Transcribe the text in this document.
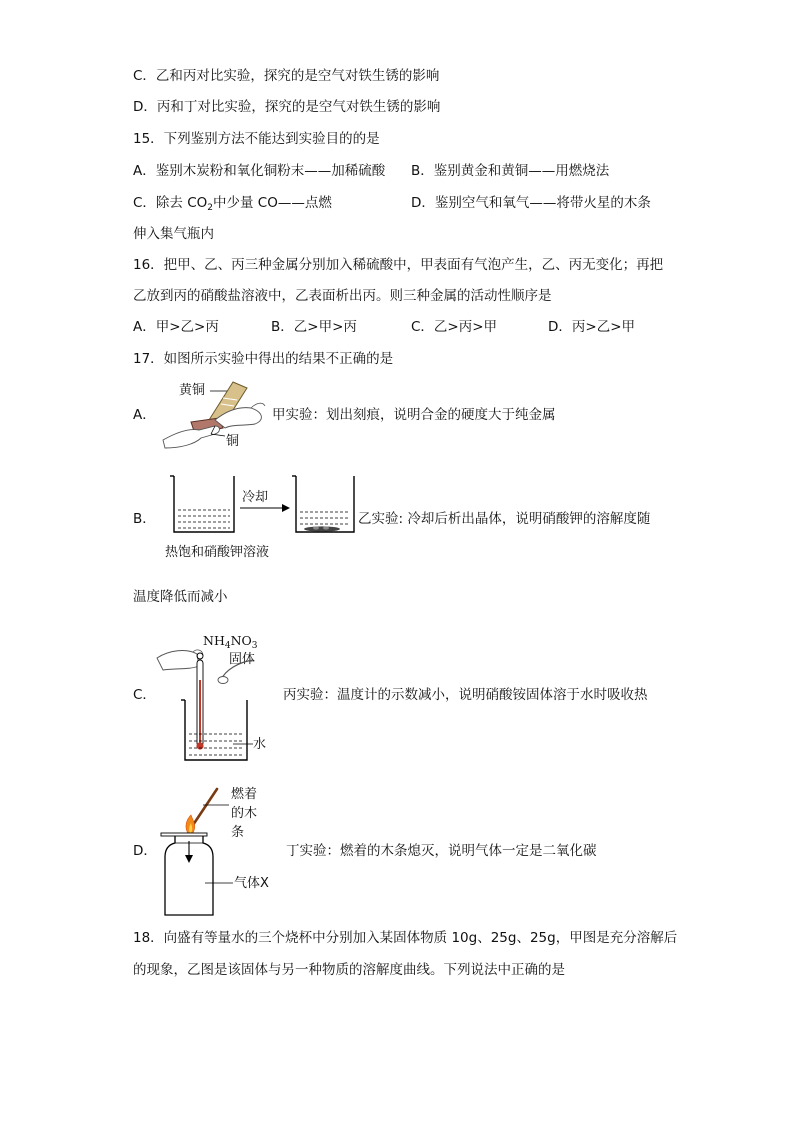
C．乙和丙对比实验，探究的是空气对铁生锈的影响
D．丙和丁对比实验，探究的是空气对铁生锈的影响
15．下列鉴别方法不能达到实验目的的是
A．鉴别木炭粉和氧化铜粉末——加稀硫酸 B．鉴别黄金和黄铜——用燃烧法
C．除去 $CO_2$中少量 CO——点燃	D．鉴别空气和氧气——将带火星的木条
伸入集气瓶内
16．把甲、乙、丙三种金属分别加入稀硫酸中，甲表面有气泡产生，乙、丙无变化；再把
乙放到丙的硝酸盐溶液中，乙表面析出丙。则三种金属的活动性顺序是
A．甲>乙>丙	B．乙>甲>丙	C．乙>丙>甲	D．丙>乙>甲
17．如图所示实验中得出的结果不正确的是
A．
黄铜
铜
甲实验：划出刻痕，说明合金的硬度大于纯金属
B．
冷却
热饱和硝酸钾溶液
乙实验: 冷却后析出晶体，说明硝酸钾的溶解度随
温度降低而减小
C．
$NH_4NO_3$
固体
水
丙实验：温度计的示数减小，说明硝酸铵固体溶于水时吸收热
D．
燃着
的木
条
气体X
丁实验：燃着的木条熄灭，说明气体一定是二氧化碳
18．向盛有等量水的三个烧杯中分别加入某固体物质 10g、25g、25g，甲图是充分溶解后
的现象，乙图是该固体与另一种物质的溶解度曲线。下列说法中正确的是
